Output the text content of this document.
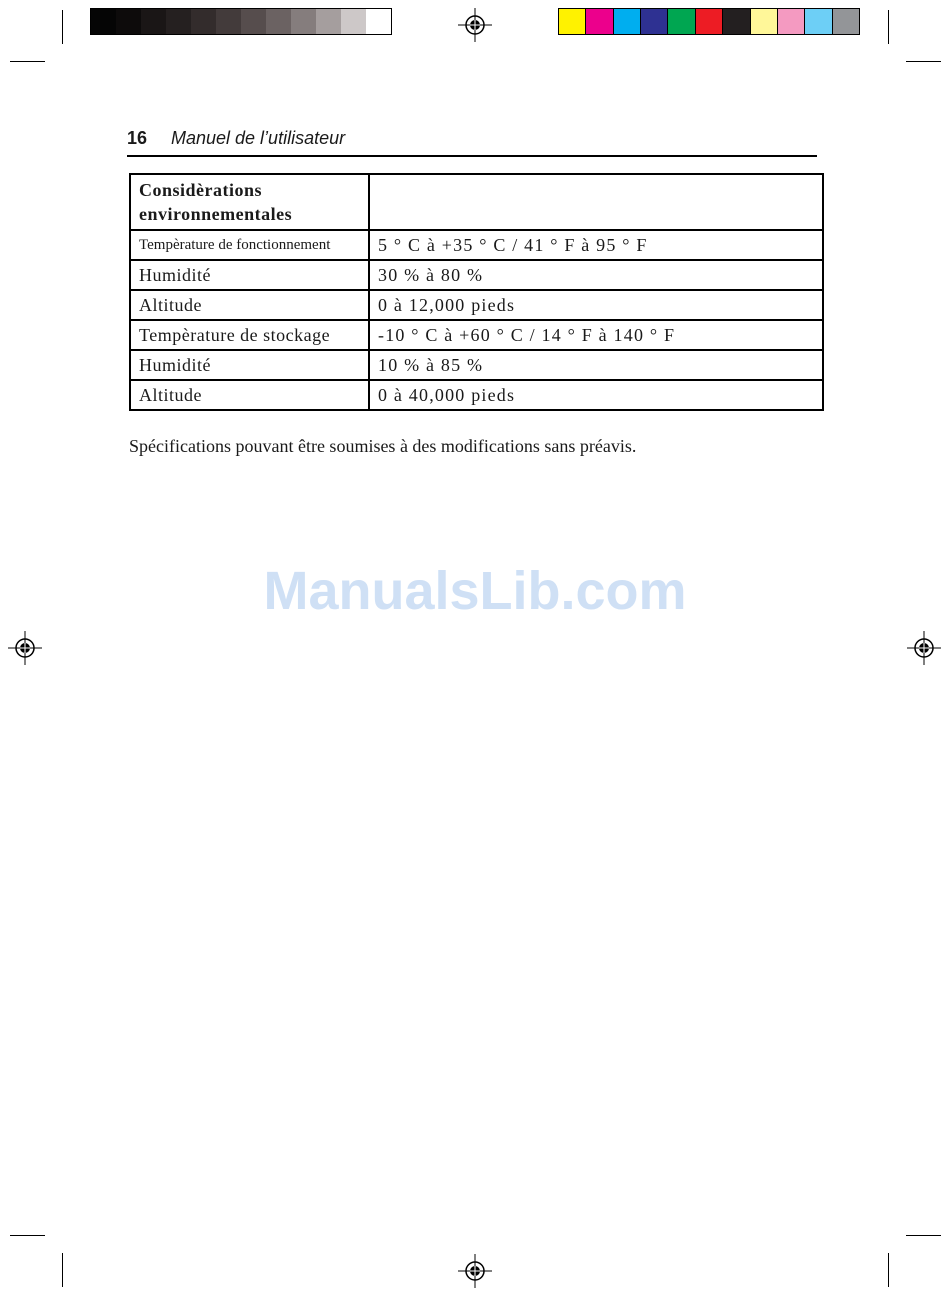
16 Manuel de l’utilisateur
Considèrations
environnementales	
Tempèrature de fonctionnement	5 ° C à +35 ° C / 41 ° F à 95 ° F
Humidité	30 % à 80 %
Altitude	0 à 12,000 pieds
Tempèrature de stockage	-10 ° C à +60 ° C / 14 ° F à 140 ° F
Humidité	10 % à 85 %
Altitude	0 à 40,000 pieds
Spécifications pouvant être soumises à des modifications sans préavis.
ManualsLib.com
